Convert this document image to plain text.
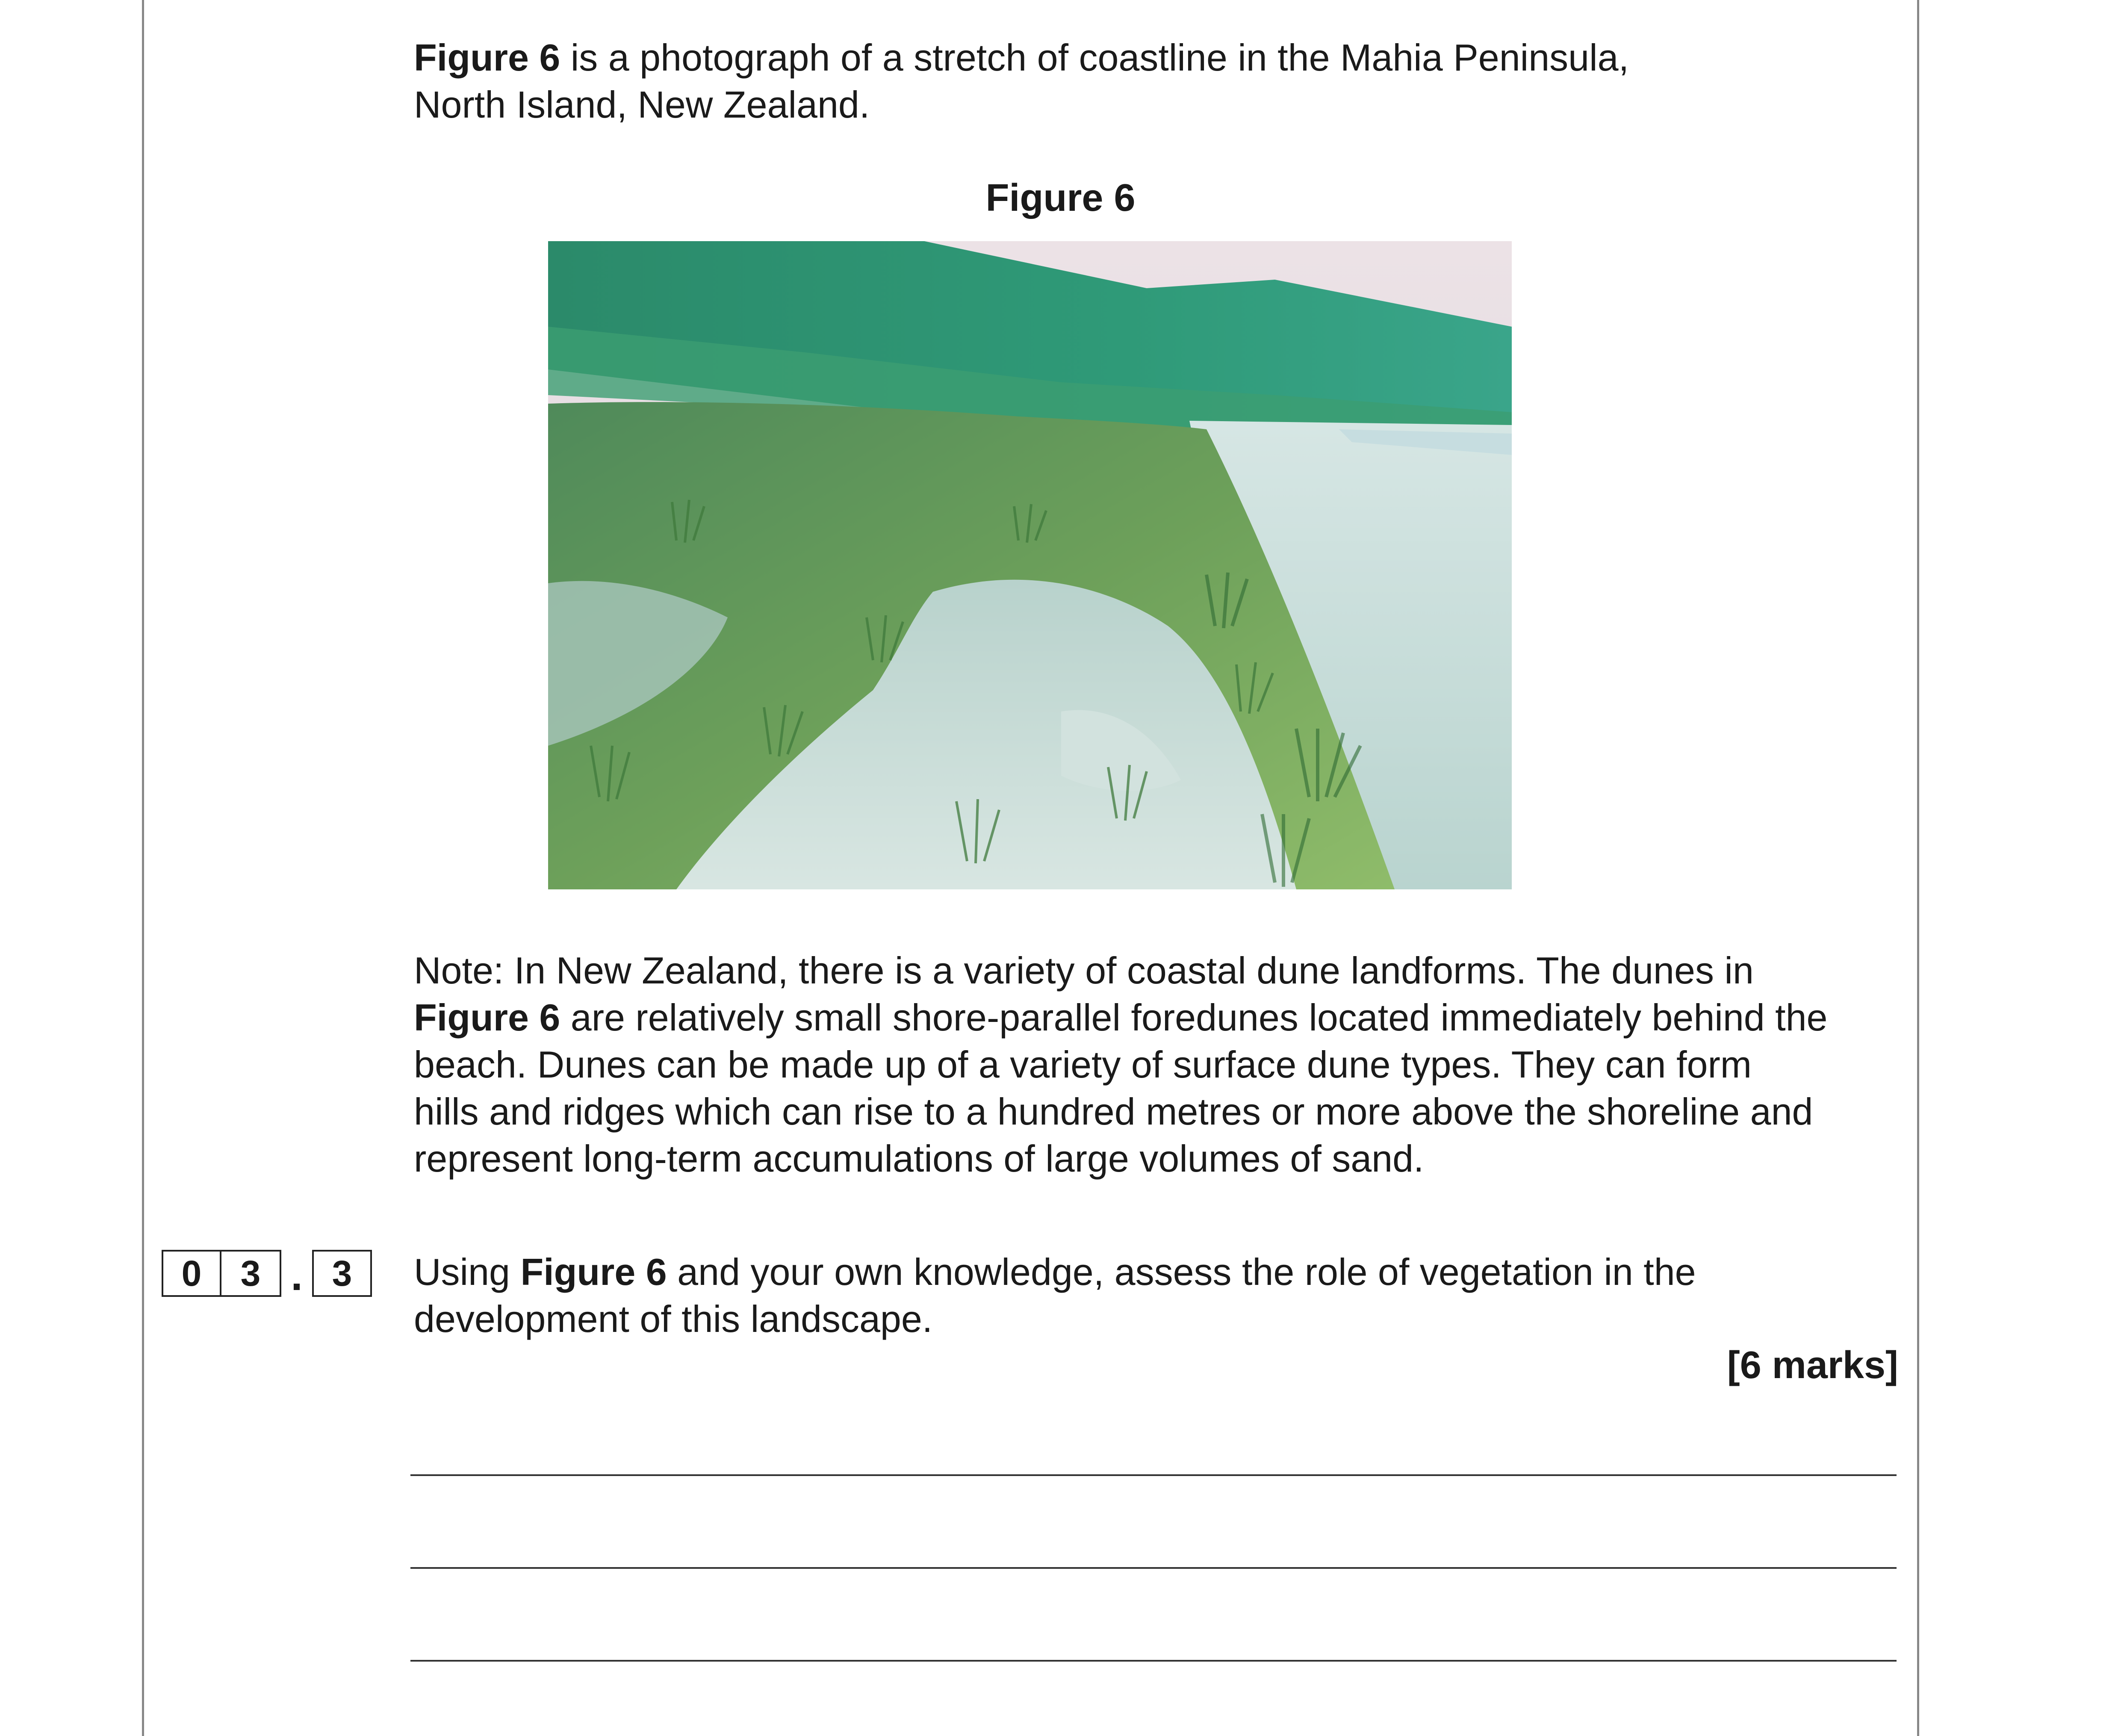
Figure 6 is a photograph of a stretch of coastline in the Mahia Peninsula,
North Island, New Zealand.
Figure 6
Note: In New Zealand, there is a variety of coastal dune landforms. The dunes in
Figure 6 are relatively small shore-parallel foredunes located immediately behind the
beach. Dunes can be made up of a variety of surface dune types. They can form
hills and ridges which can rise to a hundred metres or more above the shoreline and
represent long-term accumulations of large volumes of sand.
0	3 . 3	Using Figure 6 and your own knowledge, assess the role of vegetation in the
development of this landscape.
[6 marks]
